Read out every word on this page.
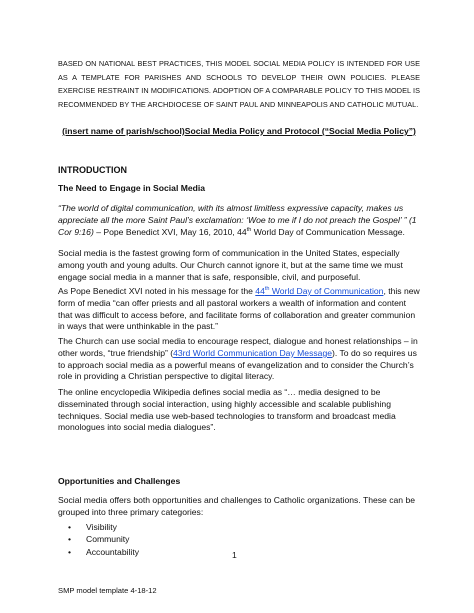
BASED ON NATIONAL BEST PRACTICES, THIS MODEL SOCIAL MEDIA POLICY IS INTENDED FOR USE AS A TEMPLATE FOR PARISHES AND SCHOOLS TO DEVELOP THEIR OWN POLICIES. PLEASE EXERCISE RESTRAINT IN MODIFICATIONS. ADOPTION OF A COMPARABLE POLICY TO THIS MODEL IS RECOMMENDED BY THE ARCHDIOCESE OF SAINT PAUL AND MINNEAPOLIS AND CATHOLIC MUTUAL.
(insert name of parish/school)Social Media Policy and Protocol (“Social Media Policy”)
INTRODUCTION
The Need to Engage in Social Media
“The world of digital communication, with its almost limitless expressive capacity, makes us appreciate all the more Saint Paul’s exclamation: ‘Woe to me if I do not preach the Gospel’ ” (1 Cor 9:16) – Pope Benedict XVI, May 16, 2010, 44th World Day of Communication Message.
Social media is the fastest growing form of communication in the United States, especially among youth and young adults. Our Church cannot ignore it, but at the same time we must engage social media in a manner that is safe, responsible, civil, and purposeful.
As Pope Benedict XVI noted in his message for the 44th World Day of Communication, this new form of media “can offer priests and all pastoral workers a wealth of information and content that was difficult to access before, and facilitate forms of collaboration and greater communion in ways that were unthinkable in the past.”
The Church can use social media to encourage respect, dialogue and honest relationships – in other words, “true friendship” (43rd World Communication Day Message). To do so requires us to approach social media as a powerful means of evangelization and to consider the Church’s role in providing a Christian perspective to digital literacy.
The online encyclopedia Wikipedia defines social media as “… media designed to be disseminated through social interaction, using highly accessible and scalable publishing techniques. Social media use web-based technologies to transform and broadcast media monologues into social media dialogues”.
Opportunities and Challenges
Social media offers both opportunities and challenges to Catholic organizations. These can be grouped into three primary categories:
• Visibility
• Community
• Accountability	1
SMP model template 4-18-12
